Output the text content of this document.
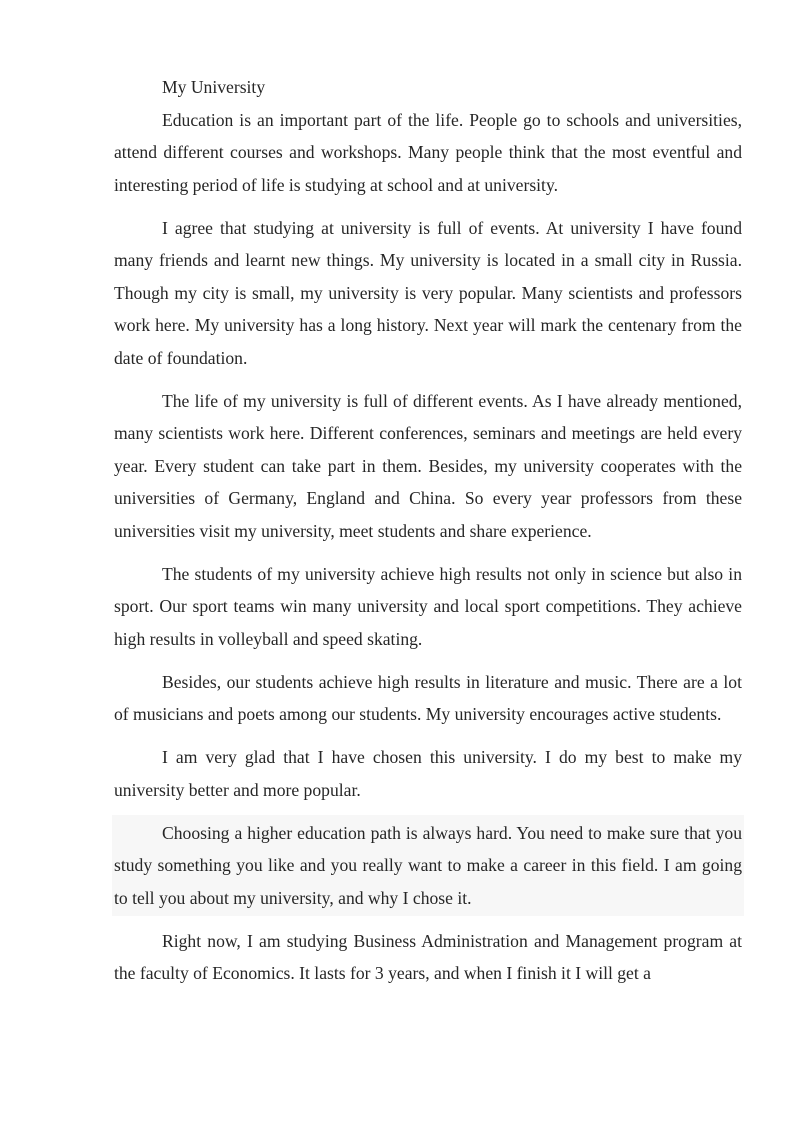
My University

Education is an important part of the life. People go to schools and universities, attend different courses and workshops. Many people think that the most eventful and interesting period of life is studying at school and at university.

I agree that studying at university is full of events. At university I have found many friends and learnt new things. My university is located in a small city in Russia. Though my city is small, my university is very popular. Many scientists and professors work here. My university has a long history. Next year will mark the centenary from the date of foundation.

The life of my university is full of different events. As I have already mentioned, many scientists work here. Different conferences, seminars and meetings are held every year. Every student can take part in them. Besides, my university cooperates with the universities of Germany, England and China. So every year professors from these universities visit my university, meet students and share experience.

The students of my university achieve high results not only in science but also in sport. Our sport teams win many university and local sport competitions. They achieve high results in volleyball and speed skating.

Besides, our students achieve high results in literature and music. There are a lot of musicians and poets among our students. My university encourages active students.

I am very glad that I have chosen this university. I do my best to make my university better and more popular.

Choosing a higher education path is always hard. You need to make sure that you study something you like and you really want to make a career in this field. I am going to tell you about my university, and why I chose it.

Right now, I am studying Business Administration and Management program at the faculty of Economics. It lasts for 3 years, and when I finish it I will get a
